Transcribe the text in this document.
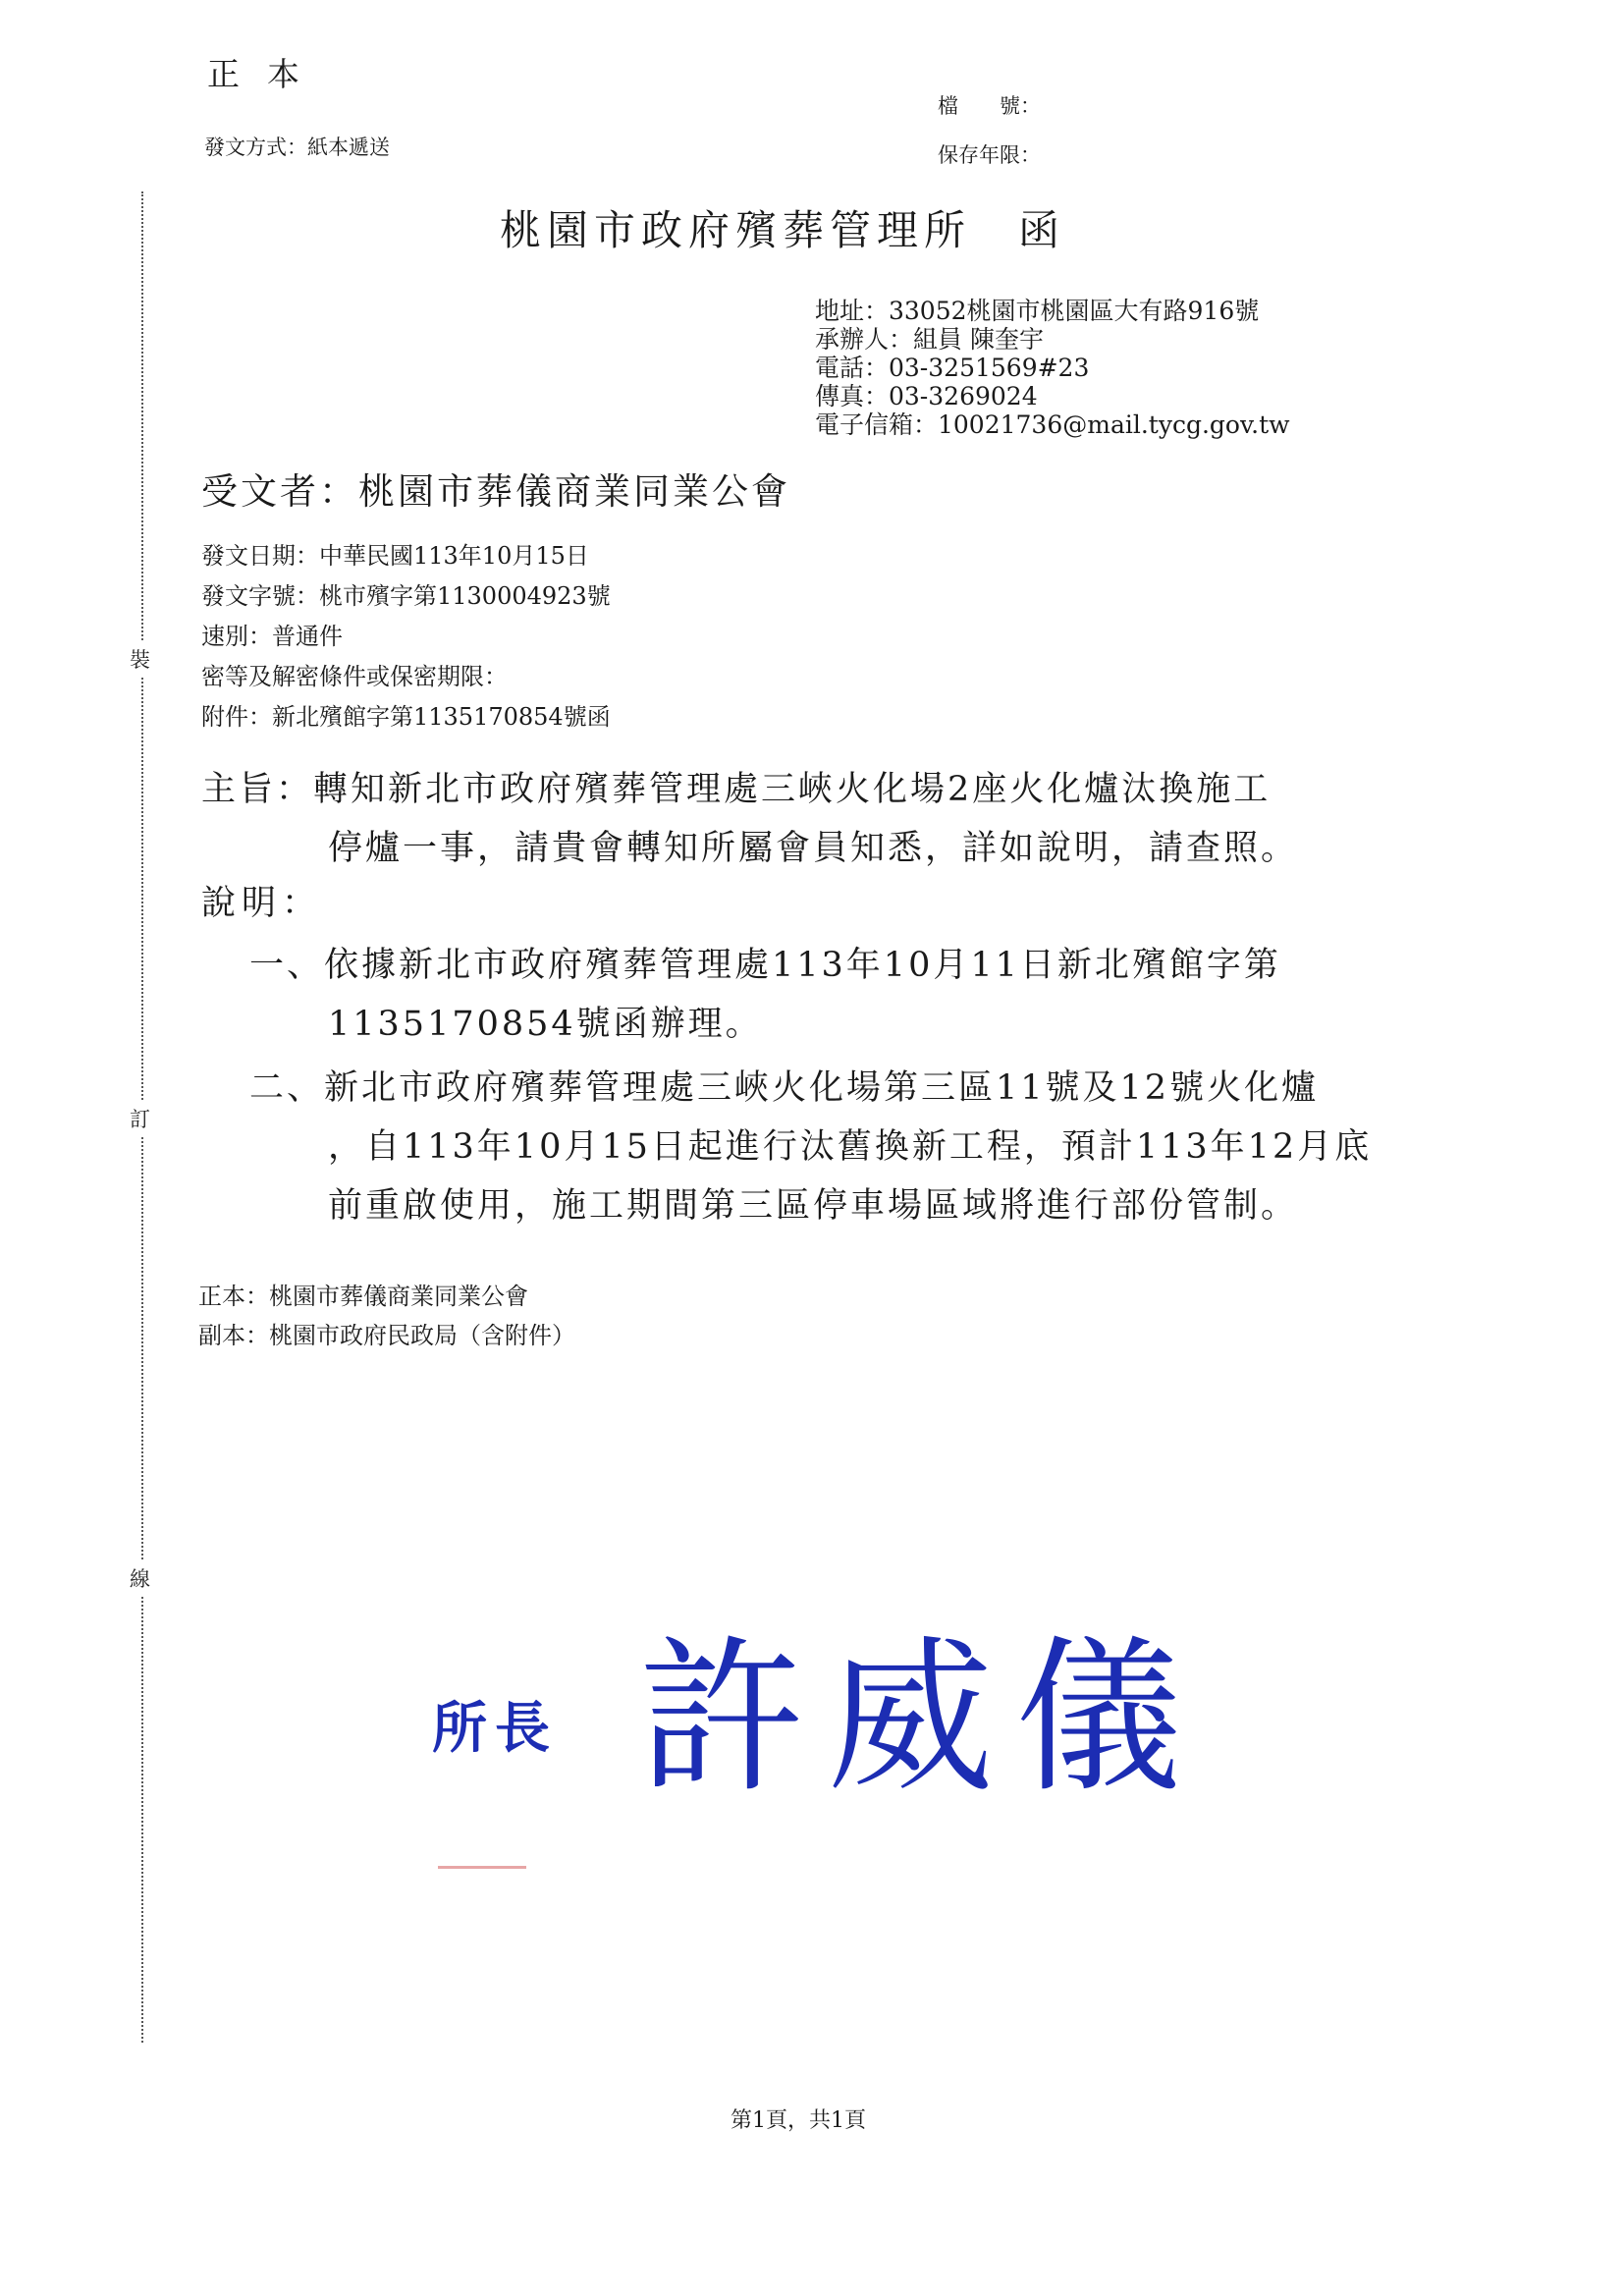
裝
訂
線
正本
發文方式：紙本遞送
檔　　號：
保存年限：
桃園市政府殯葬管理所 函
地址：33052桃園市桃園區大有路916號
承辦人：組員 陳奎宇
電話：03-3251569#23
傳真：03-3269024
電子信箱：10021736@mail.tycg.gov.tw
受文者：桃園市葬儀商業同業公會
發文日期：中華民國113年10月15日
發文字號：桃市殯字第1130004923號
速別：普通件
密等及解密條件或保密期限：
附件：新北殯館字第1135170854號函
主旨：轉知新北市政府殯葬管理處三峽火化場2座火化爐汰換施工
停爐一事，請貴會轉知所屬會員知悉，詳如說明，請查照。
說明：
一、依據新北市政府殯葬管理處113年10月11日新北殯館字第
1135170854號函辦理。
二、新北市政府殯葬管理處三峽火化場第三區11號及12號火化爐
，自113年10月15日起進行汰舊換新工程，預計113年12月底
前重啟使用，施工期間第三區停車場區域將進行部份管制。
正本：桃園市葬儀商業同業公會
副本：桃園市政府民政局（含附件）
所長 許威儀
第1頁，共1頁
